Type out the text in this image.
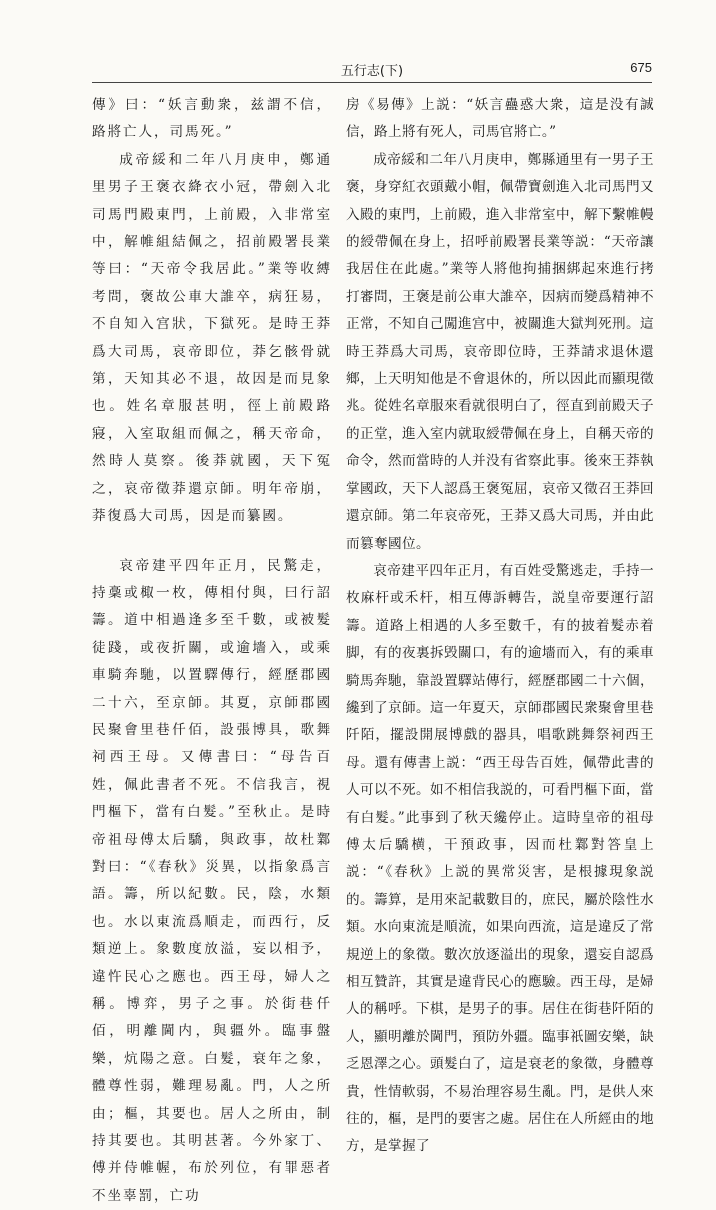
五行志(下)	675

傳》曰：“妖言動衆，兹謂不信，路將亡人，司馬死。”

成帝綏和二年八月庚申，鄭通里男子王褒衣絳衣小冠，帶劍入北司馬門殿東門，上前殿，入非常室中，解帷組結佩之，招前殿署長業等曰：“天帝令我居此。”業等收縛考問，褒故公車大誰卒，病狂易，不自知入宫狀，下獄死。是時王莽爲大司馬，哀帝即位，莽乞骸骨就第，天知其必不退，故因是而見象也。姓名章服甚明，徑上前殿路寢，入室取組而佩之，稱天帝命，然時人莫察。後莽就國，天下冤之，哀帝徵莽還京師。明年帝崩，莽復爲大司馬，因是而纂國。

哀帝建平四年正月，民驚走，持稾或棷一枚，傳相付與，曰行詔籌。道中相過逢多至千數，或被髮徒踐，或夜折關，或逾墻入，或乘車騎奔馳，以置驛傳行，經歷郡國二十六，至京師。其夏，京師郡國民聚會里巷仟佰，設張博具，歌舞祠西王母。又傳書曰：“母告百姓，佩此書者不死。不信我言，視門樞下，當有白髮。”至秋止。是時帝祖母傅太后驕，與政事，故杜鄴對曰：“《春秋》災異，以指象爲言語。籌，所以紀數。民，陰，水類也。水以東流爲順走，而西行，反類逆上。象數度放溢，妄以相予，違忤民心之應也。西王母，婦人之稱。博弈，男子之事。於街巷仟佰，明離閫内，與疆外。臨事盤樂，炕陽之意。白髮，衰年之象，體尊性弱，難理易亂。門，人之所由；樞，其要也。居人之所由，制持其要也。其明甚著。今外家丁、傅并侍帷幄，布於列位，有罪惡者不坐辜罰，亡功

房《易傳》上説：“妖言蠱惑大衆，這是没有誠信，路上將有死人，司馬官將亡。”

成帝綏和二年八月庚申，鄭縣通里有一男子王褒，身穿紅衣頭戴小帽，佩帶寶劍進入北司馬門又入殿的東門，上前殿，進入非常室中，解下繫帷幔的綬帶佩在身上，招呼前殿署長業等説：“天帝讓我居住在此處。”業等人將他拘捕捆綁起來進行拷打審問，王褒是前公車大誰卒，因病而變爲精神不正常，不知自己闖進宫中，被關進大獄判死刑。這時王莽爲大司馬，哀帝即位時，王莽請求退休還鄉，上天明知他是不會退休的，所以因此而顯現徵兆。從姓名章服來看就很明白了，徑直到前殿天子的正堂，進入室内就取綬帶佩在身上，自稱天帝的命令，然而當時的人并没有省察此事。後來王莽執掌國政，天下人認爲王褒冤屈，哀帝又徵召王莽回還京師。第二年哀帝死，王莽又爲大司馬，并由此而篡奪國位。

哀帝建平四年正月，有百姓受驚逃走，手持一枚麻杆或禾杆，相互傳訴轉告，説皇帝要運行詔籌。道路上相遇的人多至數千，有的披着髮赤着脚，有的夜裏拆毁關口，有的逾墻而入，有的乘車騎馬奔馳，靠設置驛站傳行，經歷郡國二十六個，纔到了京師。這一年夏天，京師郡國民衆聚會里巷阡陌，擺設開展博戲的器具，唱歌跳舞祭祠西王母。還有傳書上説：“西王母告百姓，佩帶此書的人可以不死。如不相信我説的，可看門樞下面，當有白髮。”此事到了秋天纔停止。這時皇帝的祖母傅太后驕横，干預政事，因而杜鄴對答皇上説：“《春秋》上説的異常災害，是根據現象説的。籌算，是用來記載數目的，庶民，屬於陰性水類。水向東流是順流，如果向西流，這是違反了常規逆上的象徵。數次放逐溢出的現象，還妄自認爲相互贊許，其實是違背民心的應驗。西王母，是婦人的稱呼。下棋，是男子的事。居住在街巷阡陌的人，顯明離於閫門，預防外疆。臨事祇圖安樂，缺乏恩澤之心。頭髮白了，這是衰老的象徵，身體尊貴，性情軟弱，不易治理容易生亂。門，是供人來往的，樞，是門的要害之處。居住在人所經由的地方，是掌握了
